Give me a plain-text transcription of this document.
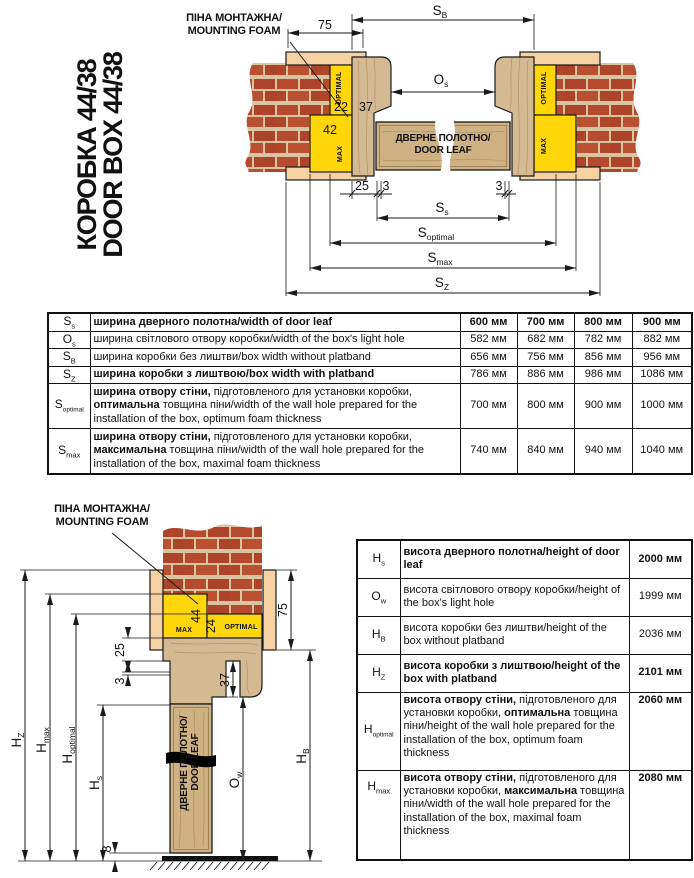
КОРОБКА 44/38
DOOR BOX 44/38
ПІНА МОНТАЖНА/
MOUNTING FOAM
ДВЕРНЕ ПОЛОТНО/
DOOR LEAF
OPTIMAL
MAX
OPTIMAL
MAX
22
42
37
75
25 3	3
$S_B$
$O_s$
$S_s$
$S_{optimal}$
$S_{max}$
$S_Z$
$S_s$	ширина дверного полотна/width of door leaf	600 мм	700 мм	800 мм	900 мм
$O_s$	ширина світлового отвору коробки/width of the box's light hole	582 мм	682 мм	782 мм	882 мм
$S_B$	ширина коробки без лиштви/box width without platband	656 мм	756 мм	856 мм	956 мм
$S_Z$	ширина коробки з лиштвою/box width with platband	786 мм	886 мм	986 мм	1086 мм
$S_{optimal}$	ширина отвору стіни, підготовленого для установки коробки, оптимальна товщина піни/width of the wall hole prepared for the installation of the box, optimum foam thickness	700 мм	800 мм	900 мм	1000 мм
$S_{max}$	ширина отвору стіни, підготовленого для установки коробки, максимальна товщина піни/width of the wall hole prepared for the installation of the box, maximal foam thickness	740 мм	840 мм	940 мм	1040 мм
ПІНА МОНТАЖНА/
MOUNTING FOAM
ДВЕРНЕ ПОЛОТНО/ DOOR LEAF
44
MAX 24 OPTIMAL
75
25
3	37
8
$H_Z$
$H_{max}$
$H_{optimal}$
$H_s$	$O_w$
$H_B$
$H_s$	висота дверного полотна/height of door leaf	2000 мм
$O_w$	висота світлового отвору коробки/height of the box's light hole	1999 мм
$H_B$	висота коробки без лиштви/height of the box without platband	2036 мм
$H_Z$	висота коробки з лиштвою/height of the box with platband	2101 мм
$H_{optimal}$	висота отвору стіни, підготовленого для установки коробки, оптимальна товщина піни/height of the wall hole prepared for the installation of the box, optimum foam thickness	2060 мм
$H_{max}$	висота отвору стіни, підготовленого для установки коробки, максимальна товщина піни/width of the wall hole prepared for the installation of the box, maximal foam thickness	2080 мм
